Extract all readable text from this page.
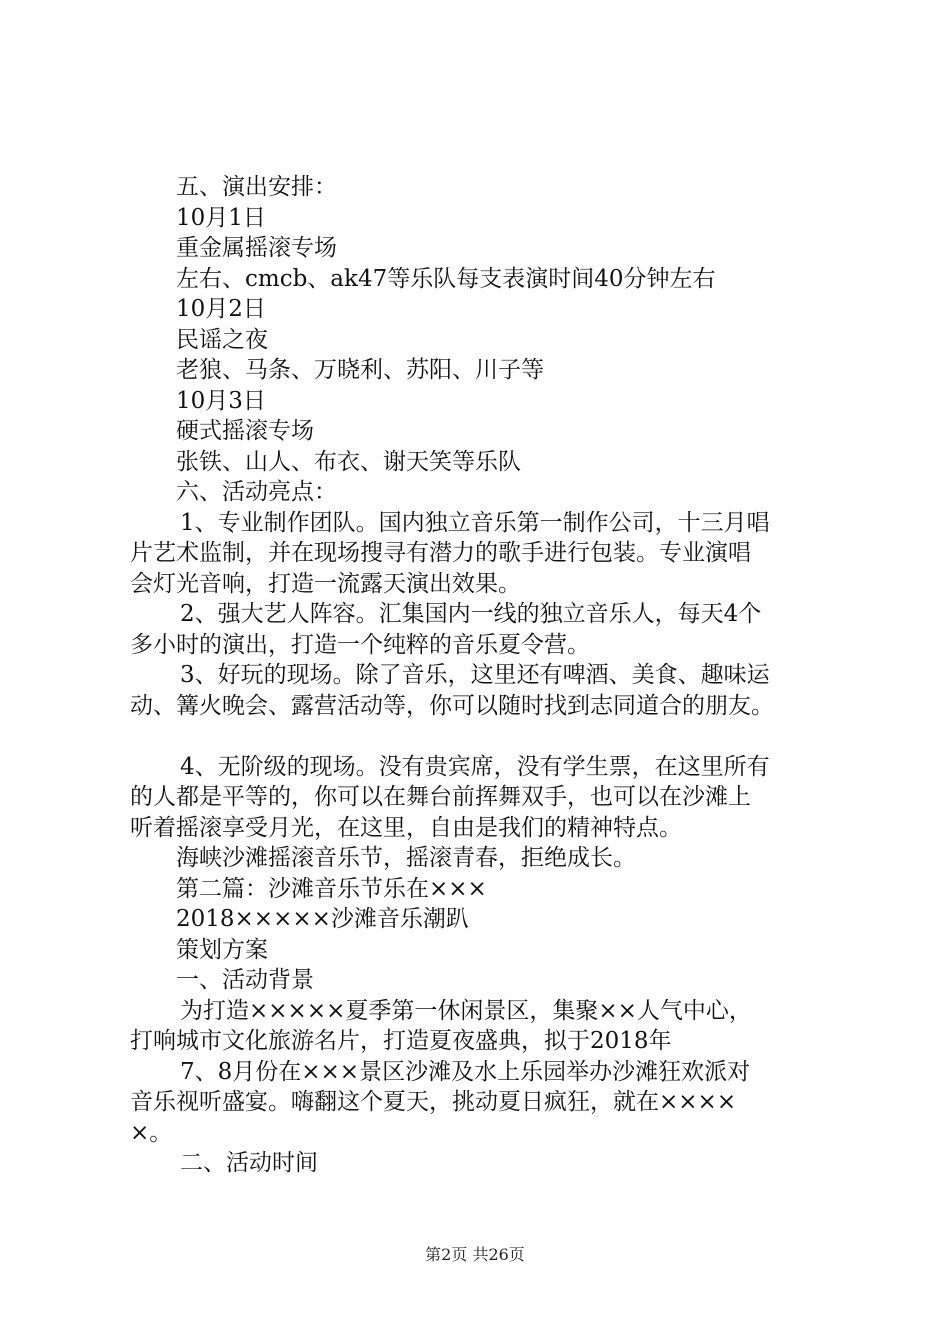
五、演出安排：
10月1日
重金属摇滚专场
左右、cmcb、ak47等乐队每支表演时间40分钟左右
10月2日
民谣之夜
老狼、马条、万晓利、苏阳、川子等
10月3日
硬式摇滚专场
张铁、山人、布衣、谢天笑等乐队
六、活动亮点：
1、专业制作团队。国内独立音乐第一制作公司，十三月唱
片艺术监制，并在现场搜寻有潜力的歌手进行包装。专业演唱
会灯光音响，打造一流露天演出效果。
2、强大艺人阵容。汇集国内一线的独立音乐人，每天4个
多小时的演出，打造一个纯粹的音乐夏令营。
3、好玩的现场。除了音乐，这里还有啤酒、美食、趣味运
动、篝火晚会、露营活动等，你可以随时找到志同道合的朋友。
4、无阶级的现场。没有贵宾席，没有学生票，在这里所有
的人都是平等的，你可以在舞台前挥舞双手，也可以在沙滩上
听着摇滚享受月光，在这里，自由是我们的精神特点。
海峡沙滩摇滚音乐节，摇滚青春，拒绝成长。
第二篇：沙滩音乐节乐在×××
2018×××××沙滩音乐潮趴
策划方案
一、活动背景
为打造×××××夏季第一休闲景区，集聚××人气中心，
打响城市文化旅游名片，打造夏夜盛典，拟于2018年
7、8月份在×××景区沙滩及水上乐园举办沙滩狂欢派对
音乐视听盛宴。嗨翻这个夏天，挑动夏日疯狂，就在××××
×。
二、活动时间
第2页 共26页
